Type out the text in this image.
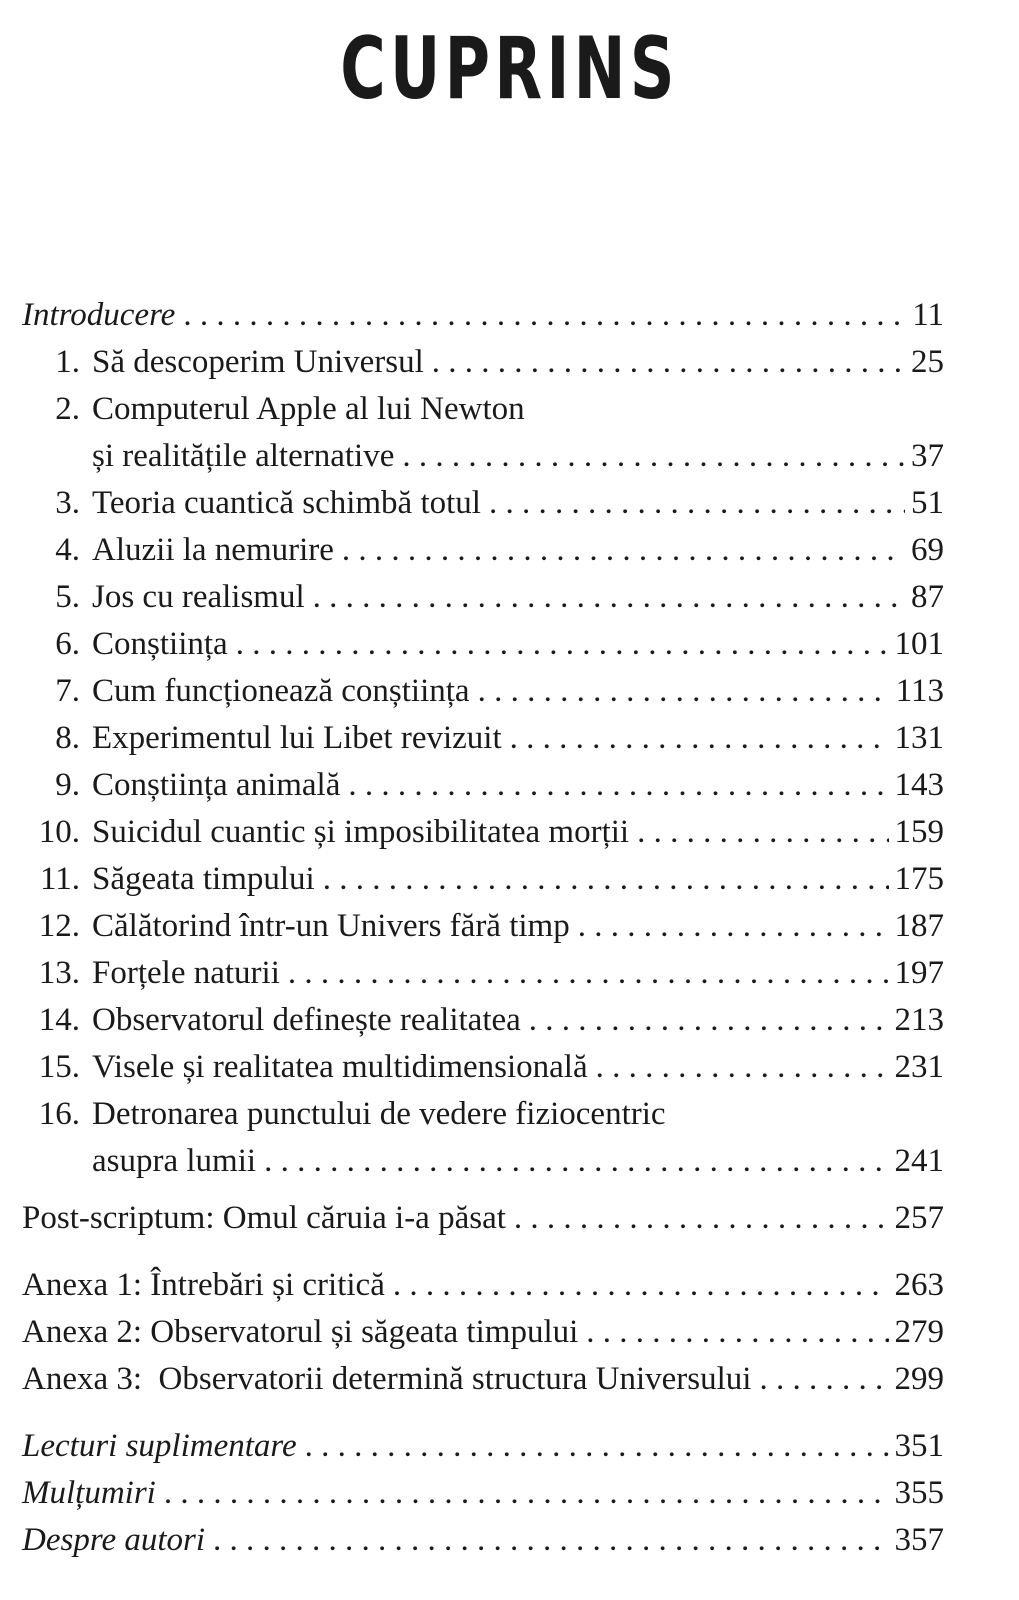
CUPRINS
Introducere . . .	11
1. Să descoperim Universul . . .	25
2. Computerul Apple al lui Newton
și realitățile alternative . . .	37
3. Teoria cuantică schimbă totul . . .	51
4. Aluzii la nemurire . . .	69
5. Jos cu realismul . . .	87
6. Conștiința . . .	101
7. Cum funcționează conștiința . . .	113
8. Experimentul lui Libet revizuit . . .	131
9. Conștiința animală . . .	143
10. Suicidul cuantic și imposibilitatea morții . . .	159
11. Săgeata timpului . . .	175
12. Călătorind într-un Univers fără timp . . .	187
13. Forțele naturii . . .	197
14. Observatorul definește realitatea . . .	213
15. Visele și realitatea multidimensională . . .	231
16. Detronarea punctului de vedere fiziocentric
asupra lumii . . .	241
Post-scriptum: Omul căruia i-a păsat . . .	257
Anexa 1: Întrebări și critică . . .	263
Anexa 2: Observatorul și săgeata timpului . . .	279
Anexa 3:  Observatorii determină structura Universului . . .	299
Lecturi suplimentare . . .	351
Mulțumiri . . .	355
Despre autori . . .	357
